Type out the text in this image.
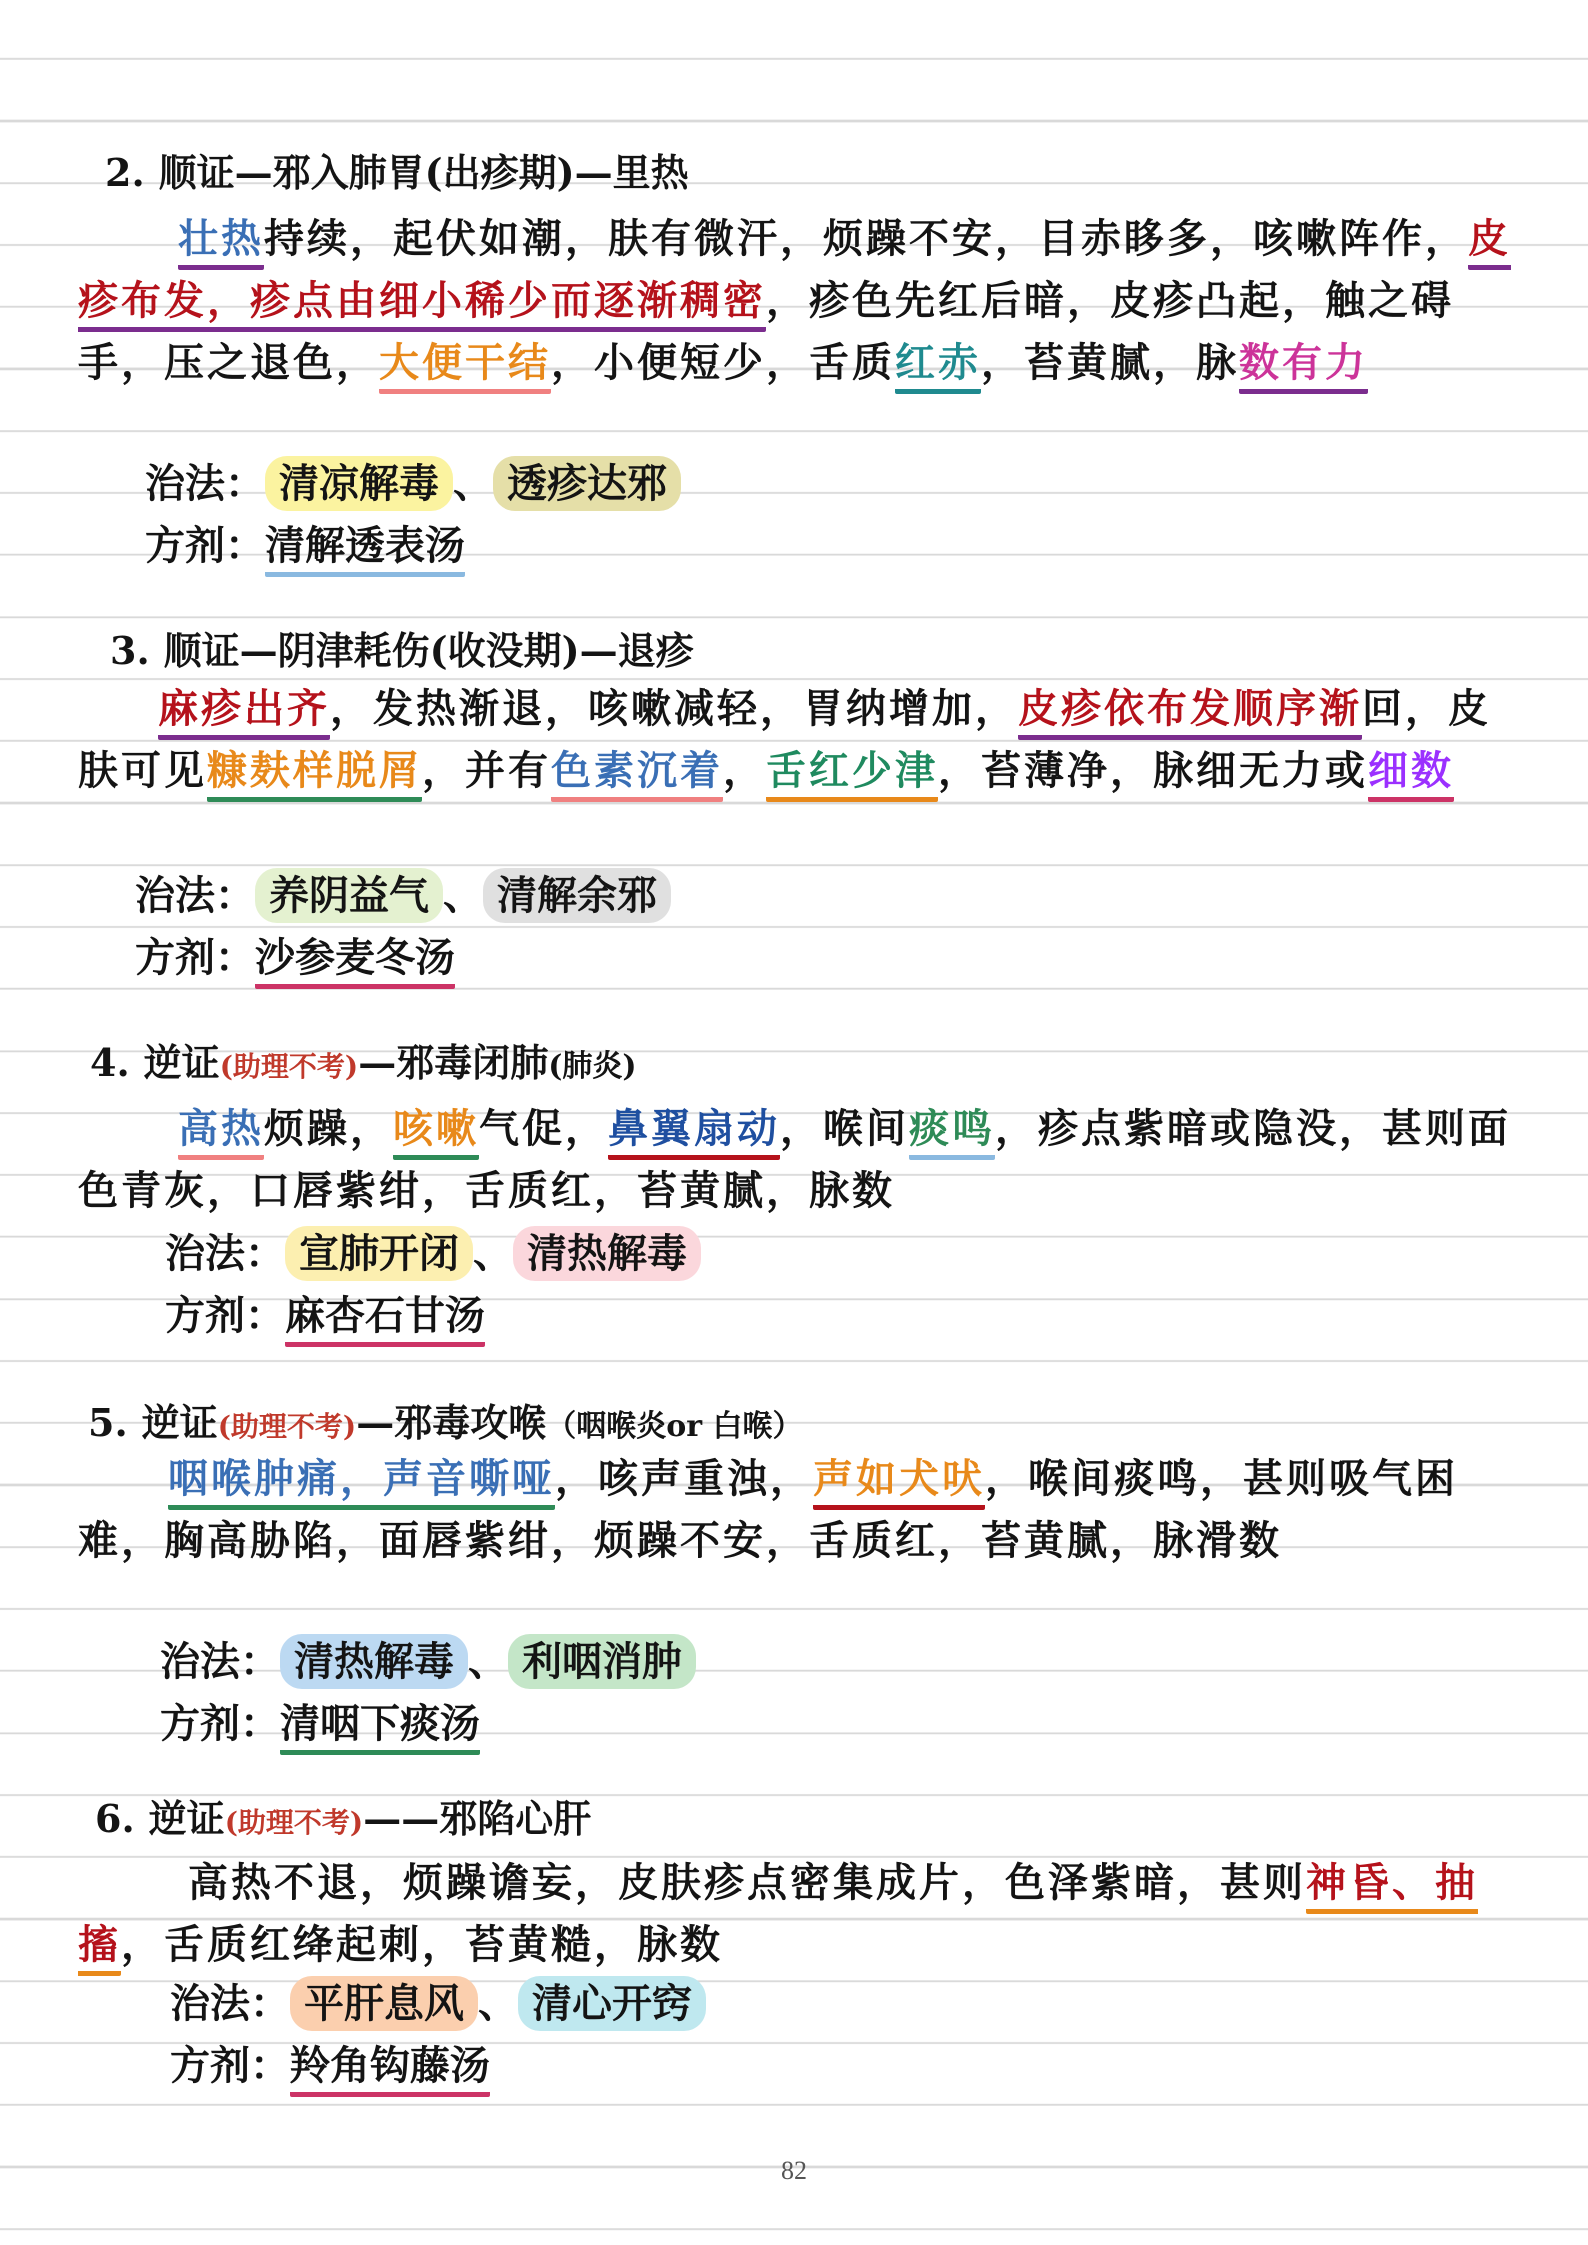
2. 顺证—邪入肺胃(出疹期)—里热
壮热持续，起伏如潮，肤有微汗，烦躁不安，目赤眵多，咳嗽阵作，皮疹布发，疹点由细小稀少而逐渐稠密，疹色先红后暗，皮疹凸起，触之碍手，压之退色，大便干结，小便短少，舌质红赤，苔黄腻，脉数有力
治法： 清凉解毒 、 透疹达邪
方剂：清解透表汤
3. 顺证—阴津耗伤(收没期)—退疹
麻疹出齐，发热渐退，咳嗽减轻，胃纳增加，皮疹依布发顺序渐回，皮肤可见糠麸样脱屑，并有色素沉着，舌红少津，苔薄净，脉细无力或细数
治法： 养阴益气 、 清解余邪
方剂：沙参麦冬汤
4. 逆证(助理不考)—邪毒闭肺(肺炎)
高热烦躁，咳嗽气促，鼻翼扇动，喉间痰鸣，疹点紫暗或隐没，甚则面色青灰，口唇紫绀，舌质红，苔黄腻，脉数
治法： 宣肺开闭 、 清热解毒
方剂：麻杏石甘汤
5. 逆证(助理不考)—邪毒攻喉（咽喉炎or 白喉）
咽喉肿痛，声音嘶哑，咳声重浊，声如犬吠，喉间痰鸣，甚则吸气困难，胸高胁陷，面唇紫绀，烦躁不安，舌质红，苔黄腻，脉滑数
治法： 清热解毒 、 利咽消肿
方剂：清咽下痰汤
6. 逆证(助理不考)——邪陷心肝
高热不退，烦躁谵妄，皮肤疹点密集成片，色泽紫暗，甚则神昏、抽搐，舌质红绛起刺，苔黄糙，脉数
治法： 平肝息风 、 清心开窍
方剂：羚角钩藤汤
82
